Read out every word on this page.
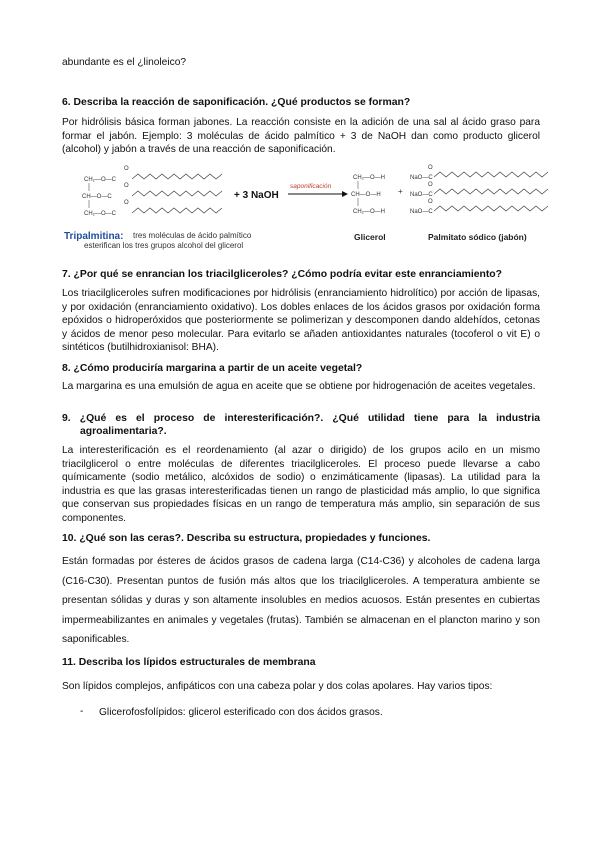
abundante es el ¿linoleico?

6. Describa la reacción de saponificación. ¿Qué productos se forman?

Por hidrólisis básica forman jabones. La reacción consiste en la adición de una sal al ácido graso para formar el jabón. Ejemplo: 3 moléculas de ácido palmítico + 3 de NaOH dan como producto glicerol (alcohol) y jabón a través de una reacción de saponificación.

CH₂—O—C
CH—O—C
CH₂—O—C
O
O
O
+ 3 NaOH
saponificación
CH₂—O—H
CH—O—H
CH₂—O—H
+
NaO—C
NaO—C
NaO—C
O
O
O
Tripalmitina: tres moléculas de ácido palmítico
esterifican los tres grupos alcohol del glicerol
Glicerol	Palmitato sódico (jabón)

7. ¿Por qué se enrancian los triacilgliceroles? ¿Cómo podría evitar este enranciamiento?

Los triacilgliceroles sufren modificaciones por hidrólisis (enranciamiento hidrolítico) por acción de lipasas, y por oxidación (enranciamiento oxidativo). Los dobles enlaces de los ácidos grasos por oxidación forma epóxidos o hidroperóxidos que posteriormente se polimerizan y descomponen dando aldehídos, cetonas y ácidos de menor peso molecular. Para evitarlo se añaden antioxidantes naturales (tocoferol o vit E) o sintéticos (butilhidroxianisol: BHA).

8. ¿Cómo produciría margarina a partir de un aceite vegetal?

La margarina es una emulsión de agua en aceite que se obtiene por hidrogenación de aceites vegetales.

9. ¿Qué es el proceso de interesterificación?. ¿Qué utilidad tiene para la industria

agroalimentaria?.

La interesterificación es el reordenamiento (al azar o dirigido) de los grupos acilo en un mismo triacilglicerol o entre moléculas de diferentes triacilgliceroles. El proceso puede llevarse a cabo químicamente (sodio metálico, alcóxidos de sodio) o enzimáticamente (lipasas). La utilidad para la industria es que las grasas interesterificadas tienen un rango de plasticidad más amplio, lo que significa que conservan sus propiedades físicas en un rango de temperatura más amplio, sin separación de sus componentes.

10. ¿Qué son las ceras?. Describa su estructura, propiedades y funciones.

Están formadas por ésteres de ácidos grasos de cadena larga (C14-C36) y alcoholes de cadena larga (C16-C30). Presentan puntos de fusión más altos que los triacilgliceroles. A temperatura ambiente se presentan sólidas y duras y son altamente insolubles en medios acuosos. Están presentes en cubiertas impermeabilizantes en animales y vegetales (frutas). También se almacenan en el plancton marino y son saponificables.

11. Describa los lípidos estructurales de membrana

Son lípidos complejos, anfipáticos con una cabeza polar y dos colas apolares. Hay varios tipos:

- Glicerofosfolípidos: glicerol esterificado con dos ácidos grasos.
